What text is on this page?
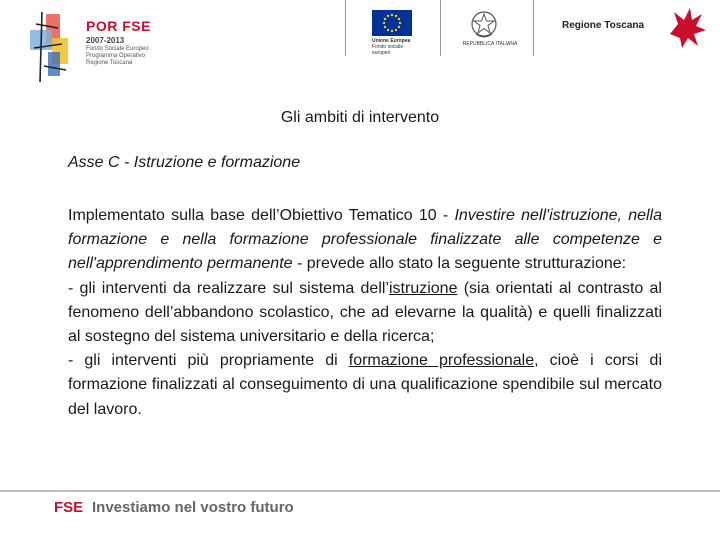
POR FSE
2007-2013
Fondo Sociale Europeo
Programma Operativo
Regione Toscana
Unione Europea
Fondo sociale europeo
REPUBBLICA ITALIANA
Regione Toscana
Gli ambiti di intervento
Asse C - Istruzione e formazione

Implementato sulla base dell’Obiettivo Tematico 10 - Investire nell'istruzione, nella formazione e nella formazione professionale finalizzate alle competenze e nell'apprendimento permanente - prevede allo stato la seguente strutturazione:

- gli interventi da realizzare sul sistema dell’istruzione (sia orientati al contrasto al fenomeno dell’abbandono scolastico, che ad elevarne la qualità) e quelli finalizzati al sostegno del sistema universitario e della ricerca;

- gli interventi più propriamente di formazione professionale, cioè i corsi di formazione finalizzati al conseguimento di una qualificazione spendibile sul mercato del lavoro.

FSE Investiamo nel vostro futuro
